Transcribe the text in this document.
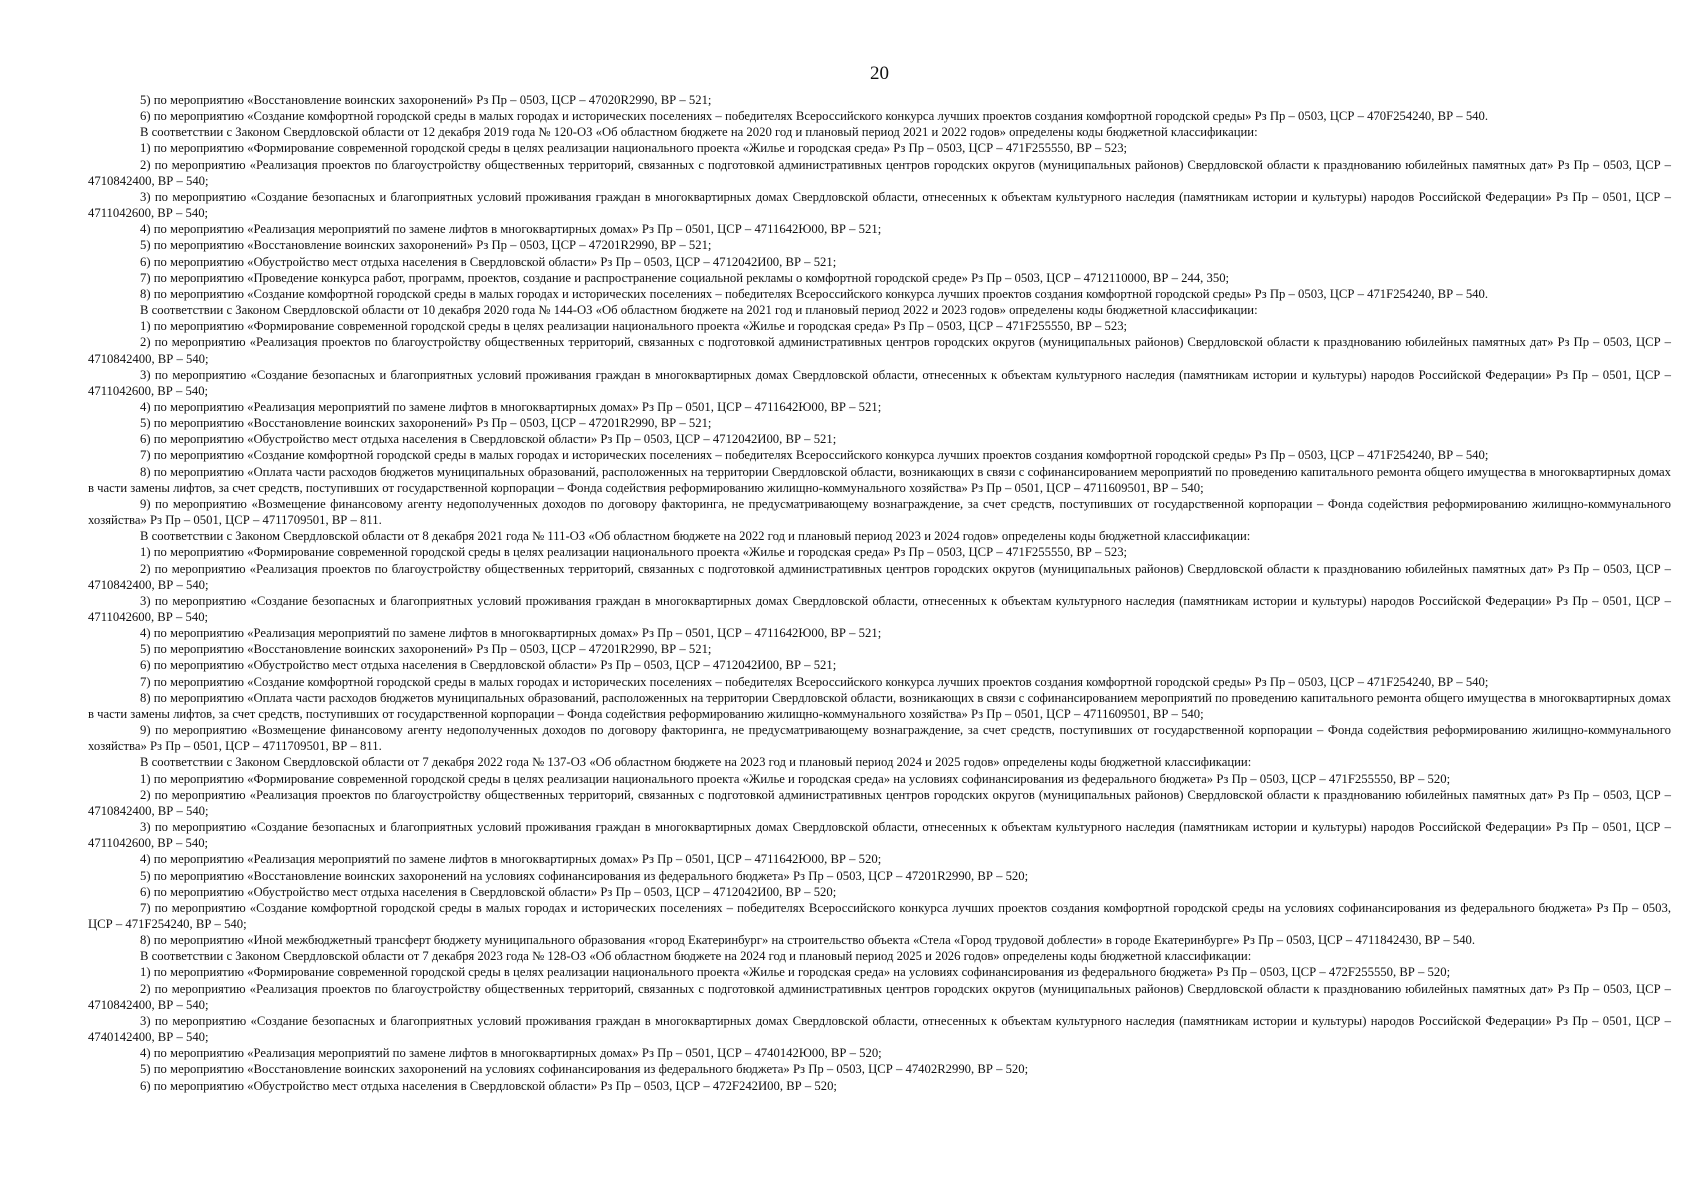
20

5) по мероприятию «Восстановление воинских захоронений» Рз Пр – 0503, ЦСР – 47020R2990, ВР – 521;

6) по мероприятию «Создание комфортной городской среды в малых городах и исторических поселениях – победителях Всероссийского конкурса лучших проектов создания комфортной городской среды» Рз Пр – 0503, ЦСР – 470F254240, ВР – 540.

В соответствии с Законом Свердловской области от 12 декабря 2019 года № 120-ОЗ «Об областном бюджете на 2020 год и плановый период 2021 и 2022 годов» определены коды бюджетной классификации:

1) по мероприятию «Формирование современной городской среды в целях реализации национального проекта «Жилье и городская среда» Рз Пр – 0503, ЦСР – 471F255550, ВР – 523;

2) по мероприятию «Реализация проектов по благоустройству общественных территорий, связанных с подготовкой административных центров городских округов (муниципальных районов) Свердловской области к празднованию юбилейных памятных дат» Рз Пр – 0503, ЦСР – 4710842400, ВР – 540;

3) по мероприятию «Создание безопасных и благоприятных условий проживания граждан в многоквартирных домах Свердловской области, отнесенных к объектам культурного наследия (памятникам истории и культуры) народов Российской Федерации» Рз Пр – 0501, ЦСР – 4711042600, ВР – 540;

4) по мероприятию «Реализация мероприятий по замене лифтов в многоквартирных домах» Рз Пр – 0501, ЦСР – 4711642Ю00, ВР – 521;

5) по мероприятию «Восстановление воинских захоронений» Рз Пр – 0503, ЦСР – 47201R2990, ВР – 521;

6) по мероприятию «Обустройство мест отдыха населения в Свердловской области» Рз Пр – 0503, ЦСР – 4712042И00, ВР – 521;

7) по мероприятию «Проведение конкурса работ, программ, проектов, создание и распространение социальной рекламы о комфортной городской среде» Рз Пр – 0503, ЦСР – 4712110000, ВР – 244, 350;

8) по мероприятию «Создание комфортной городской среды в малых городах и исторических поселениях – победителях Всероссийского конкурса лучших проектов создания комфортной городской среды» Рз Пр – 0503, ЦСР – 471F254240, ВР – 540.

В соответствии с Законом Свердловской области от 10 декабря 2020 года № 144-ОЗ «Об областном бюджете на 2021 год и плановый период 2022 и 2023 годов» определены коды бюджетной классификации:

1) по мероприятию «Формирование современной городской среды в целях реализации национального проекта «Жилье и городская среда» Рз Пр – 0503, ЦСР – 471F255550, ВР – 523;

2) по мероприятию «Реализация проектов по благоустройству общественных территорий, связанных с подготовкой административных центров городских округов (муниципальных районов) Свердловской области к празднованию юбилейных памятных дат» Рз Пр – 0503, ЦСР – 4710842400, ВР – 540;

3) по мероприятию «Создание безопасных и благоприятных условий проживания граждан в многоквартирных домах Свердловской области, отнесенных к объектам культурного наследия (памятникам истории и культуры) народов Российской Федерации» Рз Пр – 0501, ЦСР – 4711042600, ВР – 540;

4) по мероприятию «Реализация мероприятий по замене лифтов в многоквартирных домах» Рз Пр – 0501, ЦСР – 4711642Ю00, ВР – 521;

5) по мероприятию «Восстановление воинских захоронений» Рз Пр – 0503, ЦСР – 47201R2990, ВР – 521;

6) по мероприятию «Обустройство мест отдыха населения в Свердловской области» Рз Пр – 0503, ЦСР – 4712042И00, ВР – 521;

7) по мероприятию «Создание комфортной городской среды в малых городах и исторических поселениях – победителях Всероссийского конкурса лучших проектов создания комфортной городской среды» Рз Пр – 0503, ЦСР – 471F254240, ВР – 540;

8) по мероприятию «Оплата части расходов бюджетов муниципальных образований, расположенных на территории Свердловской области, возникающих в связи с софинансированием мероприятий по проведению капитального ремонта общего имущества в многоквартирных домах в части замены лифтов, за счет средств, поступивших от государственной корпорации – Фонда содействия реформированию жилищно-коммунального хозяйства» Рз Пр – 0501, ЦСР – 4711609501, ВР – 540;

9) по мероприятию «Возмещение финансовому агенту недополученных доходов по договору факторинга, не предусматривающему вознаграждение, за счет средств, поступивших от государственной корпорации – Фонда содействия реформированию жилищно-коммунального хозяйства» Рз Пр – 0501, ЦСР – 4711709501, ВР – 811.

В соответствии с Законом Свердловской области от 8 декабря 2021 года № 111-ОЗ «Об областном бюджете на 2022 год и плановый период 2023 и 2024 годов» определены коды бюджетной классификации:

1) по мероприятию «Формирование современной городской среды в целях реализации национального проекта «Жилье и городская среда» Рз Пр – 0503, ЦСР – 471F255550, ВР – 523;

2) по мероприятию «Реализация проектов по благоустройству общественных территорий, связанных с подготовкой административных центров городских округов (муниципальных районов) Свердловской области к празднованию юбилейных памятных дат» Рз Пр – 0503, ЦСР – 4710842400, ВР – 540;

3) по мероприятию «Создание безопасных и благоприятных условий проживания граждан в многоквартирных домах Свердловской области, отнесенных к объектам культурного наследия (памятникам истории и культуры) народов Российской Федерации» Рз Пр – 0501, ЦСР – 4711042600, ВР – 540;

4) по мероприятию «Реализация мероприятий по замене лифтов в многоквартирных домах» Рз Пр – 0501, ЦСР – 4711642Ю00, ВР – 521;

5) по мероприятию «Восстановление воинских захоронений» Рз Пр – 0503, ЦСР – 47201R2990, ВР – 521;

6) по мероприятию «Обустройство мест отдыха населения в Свердловской области» Рз Пр – 0503, ЦСР – 4712042И00, ВР – 521;

7) по мероприятию «Создание комфортной городской среды в малых городах и исторических поселениях – победителях Всероссийского конкурса лучших проектов создания комфортной городской среды» Рз Пр – 0503, ЦСР – 471F254240, ВР – 540;

8) по мероприятию «Оплата части расходов бюджетов муниципальных образований, расположенных на территории Свердловской области, возникающих в связи с софинансированием мероприятий по проведению капитального ремонта общего имущества в многоквартирных домах в части замены лифтов, за счет средств, поступивших от государственной корпорации – Фонда содействия реформированию жилищно-коммунального хозяйства» Рз Пр – 0501, ЦСР – 4711609501, ВР – 540;

9) по мероприятию «Возмещение финансовому агенту недополученных доходов по договору факторинга, не предусматривающему вознаграждение, за счет средств, поступивших от государственной корпорации – Фонда содействия реформированию жилищно-коммунального хозяйства» Рз Пр – 0501, ЦСР – 4711709501, ВР – 811.

В соответствии с Законом Свердловской области от 7 декабря 2022 года № 137-ОЗ «Об областном бюджете на 2023 год и плановый период 2024 и 2025 годов» определены коды бюджетной классификации:

1) по мероприятию «Формирование современной городской среды в целях реализации национального проекта «Жилье и городская среда» на условиях софинансирования из федерального бюджета» Рз Пр – 0503, ЦСР – 471F255550, ВР – 520;

2) по мероприятию «Реализация проектов по благоустройству общественных территорий, связанных с подготовкой административных центров городских округов (муниципальных районов) Свердловской области к празднованию юбилейных памятных дат» Рз Пр – 0503, ЦСР – 4710842400, ВР – 540;

3) по мероприятию «Создание безопасных и благоприятных условий проживания граждан в многоквартирных домах Свердловской области, отнесенных к объектам культурного наследия (памятникам истории и культуры) народов Российской Федерации» Рз Пр – 0501, ЦСР – 4711042600, ВР – 540;

4) по мероприятию «Реализация мероприятий по замене лифтов в многоквартирных домах» Рз Пр – 0501, ЦСР – 4711642Ю00, ВР – 520;

5) по мероприятию «Восстановление воинских захоронений на условиях софинансирования из федерального бюджета» Рз Пр – 0503, ЦСР – 47201R2990, ВР – 520;

6) по мероприятию «Обустройство мест отдыха населения в Свердловской области» Рз Пр – 0503, ЦСР – 4712042И00, ВР – 520;

7) по мероприятию «Создание комфортной городской среды в малых городах и исторических поселениях – победителях Всероссийского конкурса лучших проектов создания комфортной городской среды на условиях софинансирования из федерального бюджета» Рз Пр – 0503, ЦСР – 471F254240, ВР – 540;

8) по мероприятию «Иной межбюджетный трансферт бюджету муниципального образования «город Екатеринбург» на строительство объекта «Стела «Город трудовой доблести» в городе Екатеринбурге» Рз Пр – 0503, ЦСР – 4711842430, ВР – 540.

В соответствии с Законом Свердловской области от 7 декабря 2023 года № 128-ОЗ «Об областном бюджете на 2024 год и плановый период 2025 и 2026 годов» определены коды бюджетной классификации:

1) по мероприятию «Формирование современной городской среды в целях реализации национального проекта «Жилье и городская среда» на условиях софинансирования из федерального бюджета» Рз Пр – 0503, ЦСР – 472F255550, ВР – 520;

2) по мероприятию «Реализация проектов по благоустройству общественных территорий, связанных с подготовкой административных центров городских округов (муниципальных районов) Свердловской области к празднованию юбилейных памятных дат» Рз Пр – 0503, ЦСР – 4710842400, ВР – 540;

3) по мероприятию «Создание безопасных и благоприятных условий проживания граждан в многоквартирных домах Свердловской области, отнесенных к объектам культурного наследия (памятникам истории и культуры) народов Российской Федерации» Рз Пр – 0501, ЦСР – 4740142400, ВР – 540;

4) по мероприятию «Реализация мероприятий по замене лифтов в многоквартирных домах» Рз Пр – 0501, ЦСР – 4740142Ю00, ВР – 520;

5) по мероприятию «Восстановление воинских захоронений на условиях софинансирования из федерального бюджета» Рз Пр – 0503, ЦСР – 47402R2990, ВР – 520;

6) по мероприятию «Обустройство мест отдыха населения в Свердловской области» Рз Пр – 0503, ЦСР – 472F242И00, ВР – 520;
